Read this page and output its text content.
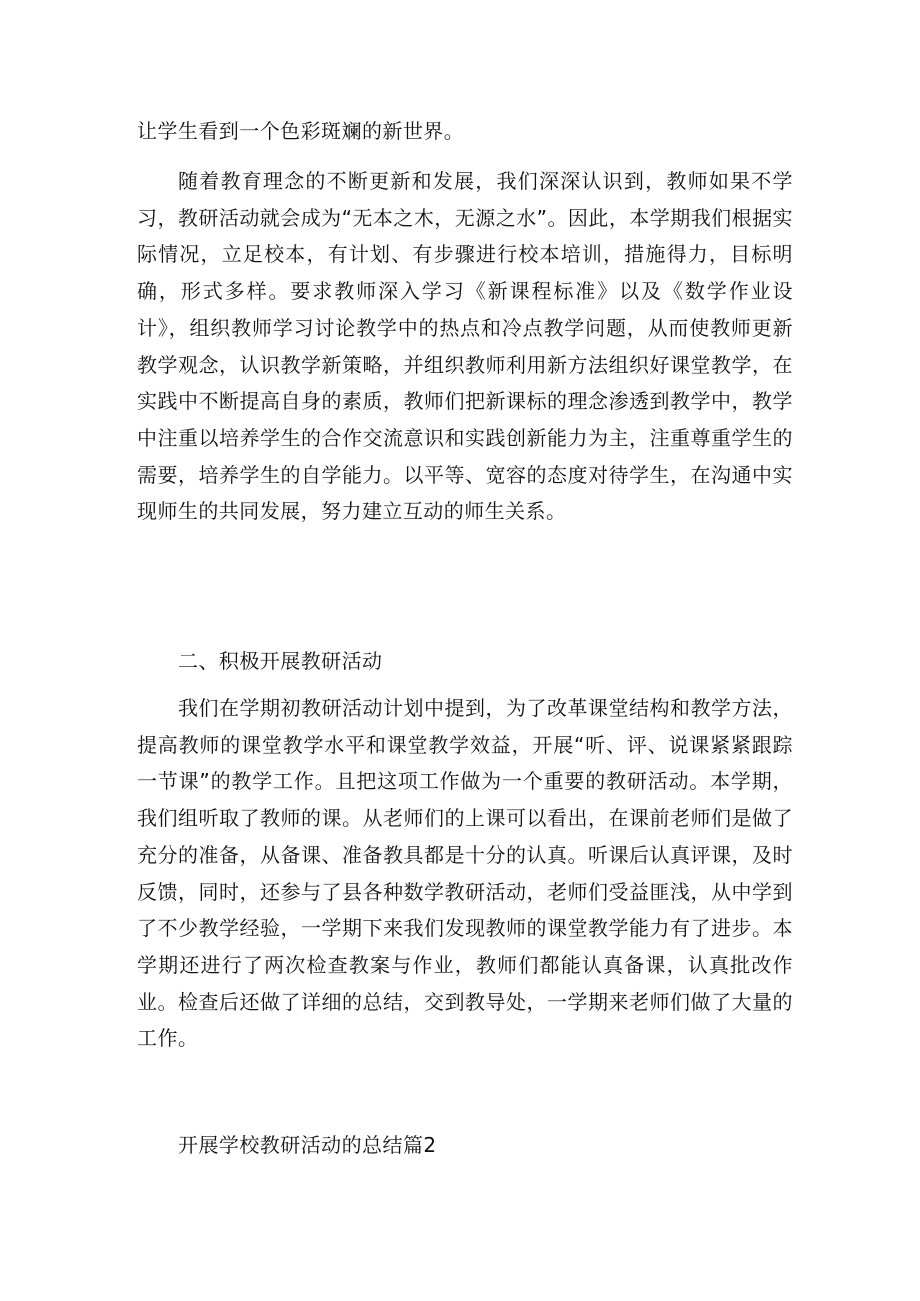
让学生看到一个色彩斑斓的新世界。

随着教育理念的不断更新和发展，我们深深认识到，教师如果不学习，教研活动就会成为“无本之木，无源之水”。因此，本学期我们根据实际情况，立足校本，有计划、有步骤进行校本培训，措施得力，目标明确，形式多样。要求教师深入学习《新课程标准》以及《数学作业设计》，组织教师学习讨论教学中的热点和冷点教学问题，从而使教师更新教学观念，认识教学新策略，并组织教师利用新方法组织好课堂教学，在实践中不断提高自身的素质，教师们把新课标的理念渗透到教学中，教学中注重以培养学生的合作交流意识和实践创新能力为主，注重尊重学生的需要，培养学生的自学能力。以平等、宽容的态度对待学生，在沟通中实现师生的共同发展，努力建立互动的师生关系。

二、积极开展教研活动

我们在学期初教研活动计划中提到，为了改革课堂结构和教学方法，提高教师的课堂教学水平和课堂教学效益，开展“听、评、说课紧紧跟踪一节课”的教学工作。且把这项工作做为一个重要的教研活动。本学期，我们组听取了教师的课。从老师们的上课可以看出，在课前老师们是做了充分的准备，从备课、准备教具都是十分的认真。听课后认真评课，及时反馈，同时，还参与了县各种数学教研活动，老师们受益匪浅，从中学到了不少教学经验，一学期下来我们发现教师的课堂教学能力有了进步。本学期还进行了两次检查教案与作业，教师们都能认真备课，认真批改作业。检查后还做了详细的总结，交到教导处，一学期来老师们做了大量的工作。

开展学校教研活动的总结篇2
